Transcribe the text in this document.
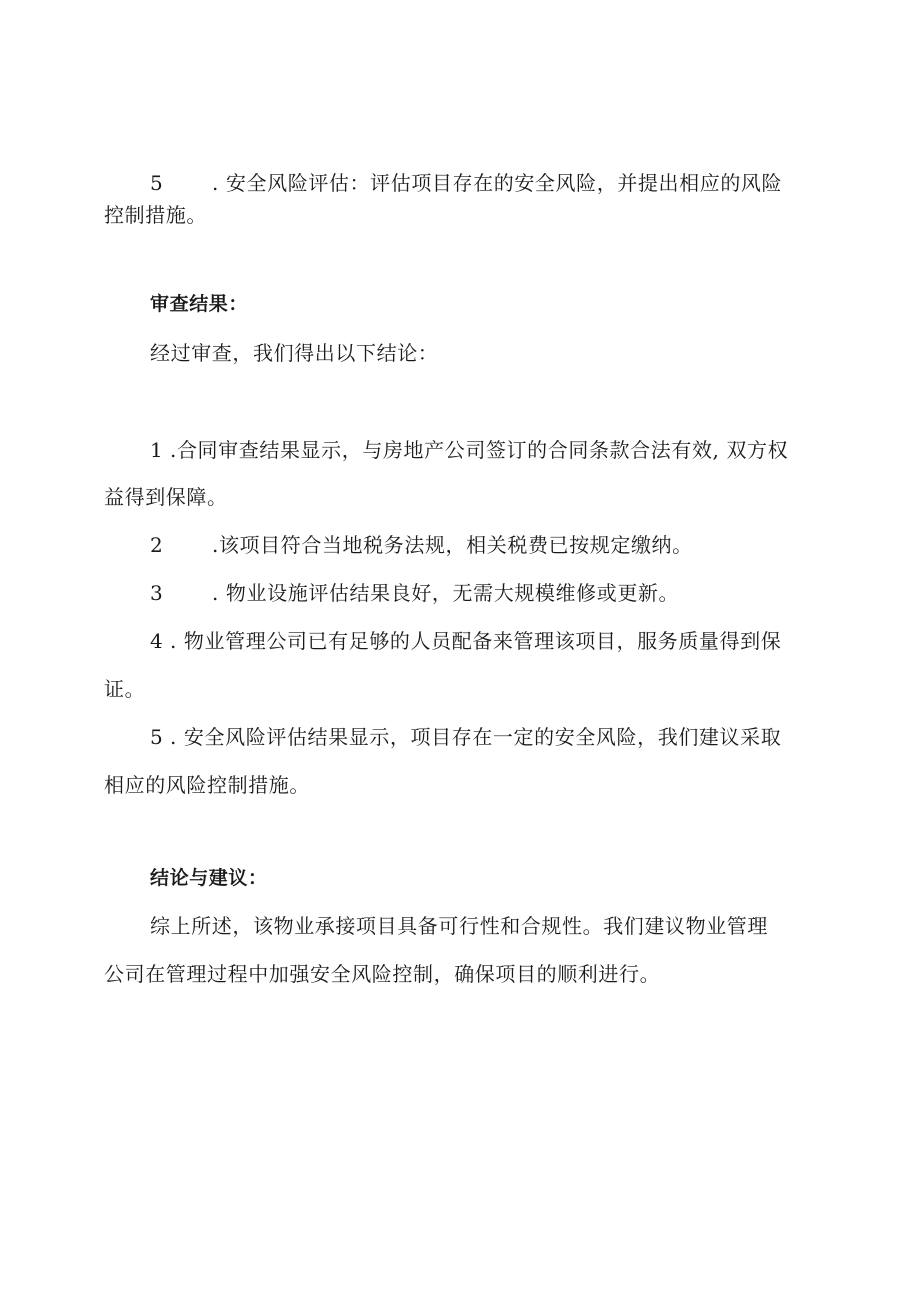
5 . 安全风险评估：评估项目存在的安全风险，并提出相应的风险
控制措施。
审查结果：
经过审查，我们得出以下结论：
1 .合同审查结果显示，与房地产公司签订的合同条款合法有效, 双方权
益得到保障。
2 .该项目符合当地税务法规，相关税费已按规定缴纳。
3 . 物业设施评估结果良好，无需大规模维修或更新。
4 . 物业管理公司已有足够的人员配备来管理该项目，服务质量得到保
证。
5 . 安全风险评估结果显示，项目存在一定的安全风险，我们建议采取
相应的风险控制措施。
结论与建议：
综上所述，该物业承接项目具备可行性和合规性。我们建议物业管理
公司在管理过程中加强安全风险控制，确保项目的顺利进行。
